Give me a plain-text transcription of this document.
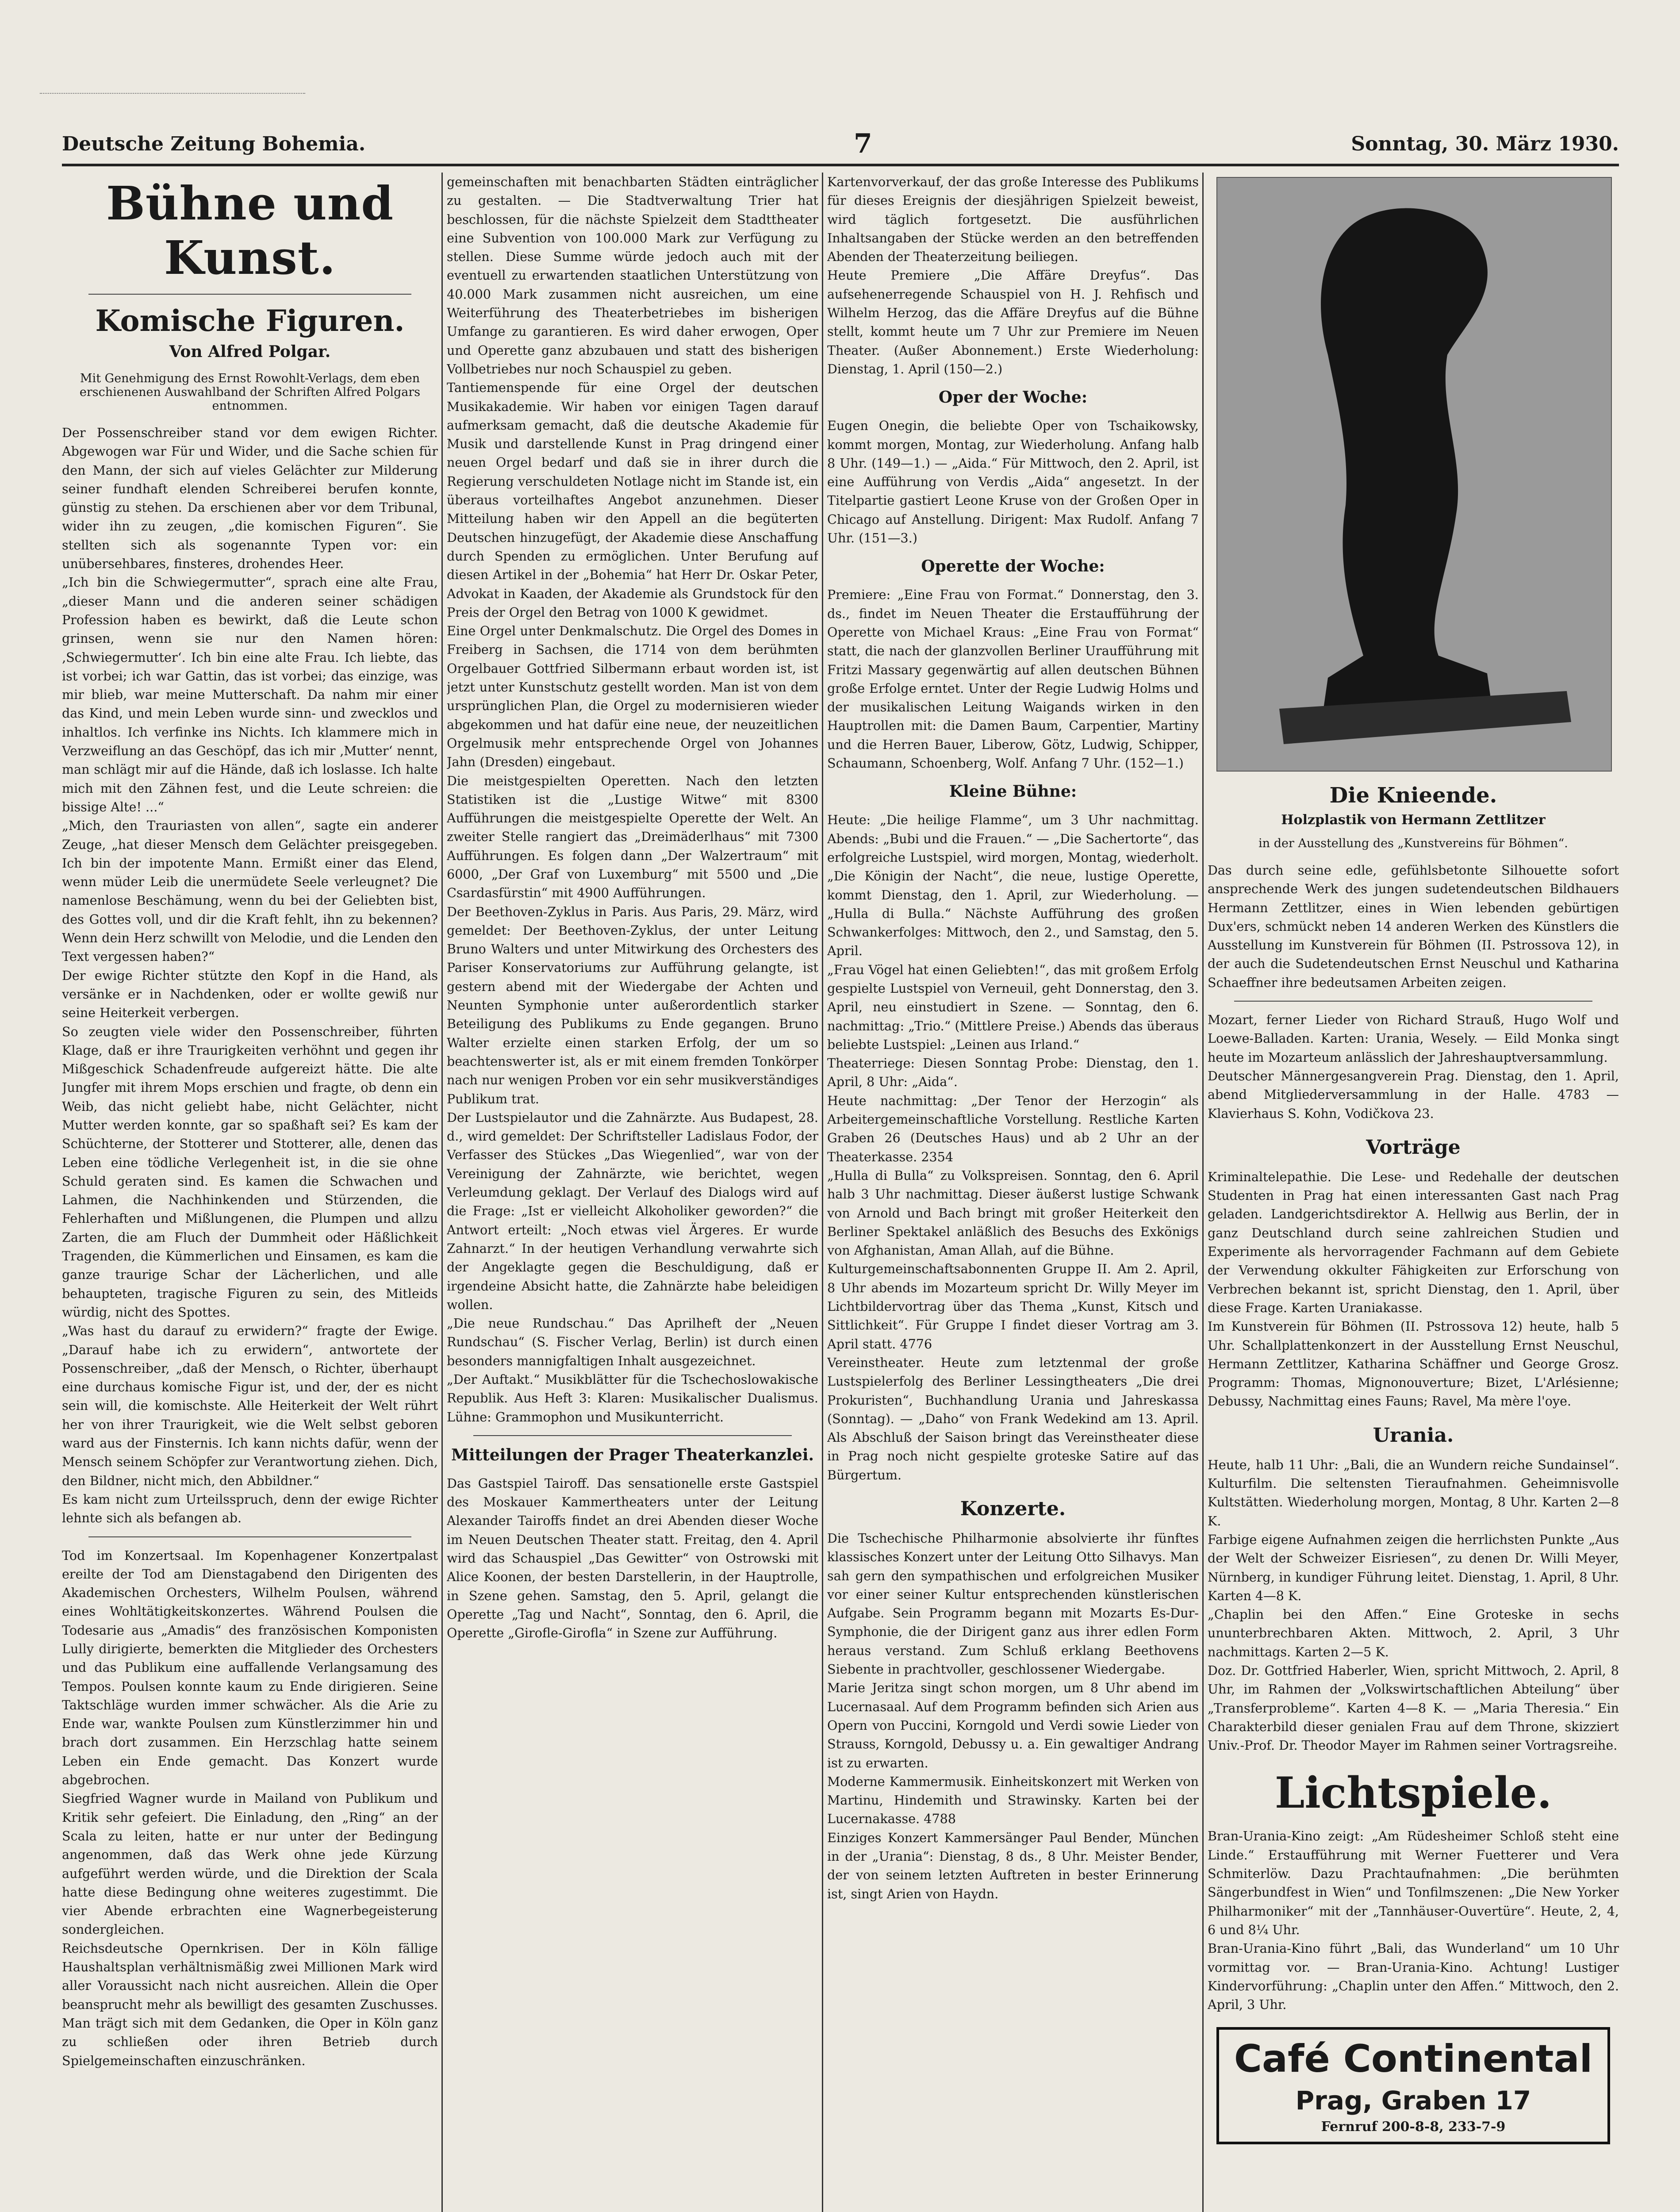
Deutsche Zeitung Bohemia.	7	Sonntag, 30. März 1930.
Bühne und Kunst.
Komische Figuren.
Von Alfred Polgar.
Mit Genehmigung des Ernst Rowohlt-Verlags, dem eben erschienenen Auswahlband der Schriften Alfred Polgars entnommen.

Der Possenschreiber stand vor dem ewigen Richter. Abgewogen war Für und Wider, und die Sache schien für den Mann, der sich auf vieles Gelächter zur Milderung seiner fundhaft elenden Schreiberei berufen konnte, günstig zu stehen. Da erschienen aber vor dem Tribunal, wider ihn zu zeugen, „die komischen Figuren“. Sie stellten sich als sogenannte Typen vor: ein unübersehbares, finsteres, drohendes Heer.

„Ich bin die Schwiegermutter“, sprach eine alte Frau, „dieser Mann und die anderen seiner schädigen Profession haben es bewirkt, daß die Leute schon grinsen, wenn sie nur den Namen hören: ‚Schwiegermutter‘. Ich bin eine alte Frau. Ich liebte, das ist vorbei; ich war Gattin, das ist vorbei; das einzige, was mir blieb, war meine Mutterschaft. Da nahm mir einer das Kind, und mein Leben wurde sinn- und zwecklos und inhaltlos. Ich verfinke ins Nichts. Ich klammere mich in Verzweiflung an das Geschöpf, das ich mir ‚Mutter‘ nennt, man schlägt mir auf die Hände, daß ich loslasse. Ich halte mich mit den Zähnen fest, und die Leute schreien: die bissige Alte! ...“

„Mich, den Trauriasten von allen“, sagte ein anderer Zeuge, „hat dieser Mensch dem Gelächter preisgegeben. Ich bin der impotente Mann. Ermißt einer das Elend, wenn müder Leib die unermüdete Seele verleugnet? Die namenlose Beschämung, wenn du bei der Geliebten bist, des Gottes voll, und dir die Kraft fehlt, ihn zu bekennen? Wenn dein Herz schwillt von Melodie, und die Lenden den Text vergessen haben?“

Der ewige Richter stützte den Kopf in die Hand, als versänke er in Nachdenken, oder er wollte gewiß nur seine Heiterkeit verbergen.

So zeugten viele wider den Possenschreiber, führten Klage, daß er ihre Traurigkeiten verhöhnt und gegen ihr Mißgeschick Schadenfreude aufgereizt hätte. Die alte Jungfer mit ihrem Mops erschien und fragte, ob denn ein Weib, das nicht geliebt habe, nicht Gelächter, nicht Mutter werden konnte, gar so spaßhaft sei? Es kam der Schüchterne, der Stotterer und Stotterer, alle, denen das Leben eine tödliche Verlegenheit ist, in die sie ohne Schuld geraten sind. Es kamen die Schwachen und Lahmen, die Nachhinkenden und Stürzenden, die Fehlerhaften und Mißlungenen, die Plumpen und allzu Zarten, die am Fluch der Dummheit oder Häßlichkeit Tragenden, die Kümmerlichen und Einsamen, es kam die ganze traurige Schar der Lächerlichen, und alle behaupteten, tragische Figuren zu sein, des Mitleids würdig, nicht des Spottes.

„Was hast du darauf zu erwidern?“ fragte der Ewige. „Darauf habe ich zu erwidern“, antwortete der Possenschreiber, „daß der Mensch, o Richter, überhaupt eine durchaus komische Figur ist, und der, der es nicht sein will, die komischste. Alle Heiterkeit der Welt rührt her von ihrer Traurigkeit, wie die Welt selbst geboren ward aus der Finsternis. Ich kann nichts dafür, wenn der Mensch seinem Schöpfer zur Verantwortung ziehen. Dich, den Bildner, nicht mich, den Abbildner.“

Es kam nicht zum Urteilsspruch, denn der ewige Richter lehnte sich als befangen ab.

Tod im Konzertsaal. Im Kopenhagener Konzertpalast ereilte der Tod am Dienstagabend den Dirigenten des Akademischen Orchesters, Wilhelm Poulsen, während eines Wohltätigkeitskonzertes. Während Poulsen die Todesarie aus „Amadis“ des französischen Komponisten Lully dirigierte, bemerkten die Mitglieder des Orchesters und das Publikum eine auffallende Verlangsamung des Tempos. Poulsen konnte kaum zu Ende dirigieren. Seine Taktschläge wurden immer schwächer. Als die Arie zu Ende war, wankte Poulsen zum Künstlerzimmer hin und brach dort zusammen. Ein Herzschlag hatte seinem Leben ein Ende gemacht. Das Konzert wurde abgebrochen.

Siegfried Wagner wurde in Mailand von Publikum und Kritik sehr gefeiert. Die Einladung, den „Ring“ an der Scala zu leiten, hatte er nur unter der Bedingung angenommen, daß das Werk ohne jede Kürzung aufgeführt werden würde, und die Direktion der Scala hatte diese Bedingung ohne weiteres zugestimmt. Die vier Abende erbrachten eine Wagnerbegeisterung sondergleichen.

Reichsdeutsche Opernkrisen. Der in Köln fällige Haushaltsplan verhältnismäßig zwei Millionen Mark wird aller Voraussicht nach nicht ausreichen. Allein die Oper beansprucht mehr als bewilligt des gesamten Zuschusses. Man trägt sich mit dem Gedanken, die Oper in Köln ganz zu schließen oder ihren Betrieb durch Spielgemeinschaften einzuschränken.

gemeinschaften mit benachbarten Städten einträglicher zu gestalten. — Die Stadtverwaltung Trier hat beschlossen, für die nächste Spielzeit dem Stadttheater eine Subvention von 100.000 Mark zur Verfügung zu stellen. Diese Summe würde jedoch auch mit der eventuell zu erwartenden staatlichen Unterstützung von 40.000 Mark zusammen nicht ausreichen, um eine Weiterführung des Theaterbetriebes im bisherigen Umfange zu garantieren. Es wird daher erwogen, Oper und Operette ganz abzubauen und statt des bisherigen Vollbetriebes nur noch Schauspiel zu geben.

Tantiemenspende für eine Orgel der deutschen Musikakademie. Wir haben vor einigen Tagen darauf aufmerksam gemacht, daß die deutsche Akademie für Musik und darstellende Kunst in Prag dringend einer neuen Orgel bedarf und daß sie in ihrer durch die Regierung verschuldeten Notlage nicht im Stande ist, ein überaus vorteilhaftes Angebot anzunehmen. Dieser Mitteilung haben wir den Appell an die begüterten Deutschen hinzugefügt, der Akademie diese Anschaffung durch Spenden zu ermöglichen. Unter Berufung auf diesen Artikel in der „Bohemia“ hat Herr Dr. Oskar Peter, Advokat in Kaaden, der Akademie als Grundstock für den Preis der Orgel den Betrag von 1000 K gewidmet.

Eine Orgel unter Denkmalschutz. Die Orgel des Domes in Freiberg in Sachsen, die 1714 von dem berühmten Orgelbauer Gottfried Silbermann erbaut worden ist, ist jetzt unter Kunstschutz gestellt worden. Man ist von dem ursprünglichen Plan, die Orgel zu modernisieren wieder abgekommen und hat dafür eine neue, der neuzeitlichen Orgelmusik mehr entsprechende Orgel von Johannes Jahn (Dresden) eingebaut.

Die meistgespielten Operetten. Nach den letzten Statistiken ist die „Lustige Witwe“ mit 8300 Aufführungen die meistgespielte Operette der Welt. An zweiter Stelle rangiert das „Dreimäderlhaus“ mit 7300 Aufführungen. Es folgen dann „Der Walzertraum“ mit 6000, „Der Graf von Luxemburg“ mit 5500 und „Die Csardasfürstin“ mit 4900 Aufführungen.

Der Beethoven-Zyklus in Paris. Aus Paris, 29. März, wird gemeldet: Der Beethoven-Zyklus, der unter Leitung Bruno Walters und unter Mitwirkung des Orchesters des Pariser Konservatoriums zur Aufführung gelangte, ist gestern abend mit der Wiedergabe der Achten und Neunten Symphonie unter außerordentlich starker Beteiligung des Publikums zu Ende gegangen. Bruno Walter erzielte einen starken Erfolg, der um so beachtenswerter ist, als er mit einem fremden Tonkörper nach nur wenigen Proben vor ein sehr musikverständiges Publikum trat.

Der Lustspielautor und die Zahnärzte. Aus Budapest, 28. d., wird gemeldet: Der Schriftsteller Ladislaus Fodor, der Verfasser des Stückes „Das Wiegenlied“, war von der Vereinigung der Zahnärzte, wie berichtet, wegen Verleumdung geklagt. Der Verlauf des Dialogs wird auf die Frage: „Ist er vielleicht Alkoholiker geworden?“ die Antwort erteilt: „Noch etwas viel Ärgeres. Er wurde Zahnarzt.“ In der heutigen Verhandlung verwahrte sich der Angeklagte gegen die Beschuldigung, daß er irgendeine Absicht hatte, die Zahnärzte habe beleidigen wollen.

„Die neue Rundschau.“ Das Aprilheft der „Neuen Rundschau“ (S. Fischer Verlag, Berlin) ist durch einen besonders mannigfaltigen Inhalt ausgezeichnet.

„Der Auftakt.“ Musikblätter für die Tschechoslowakische Republik. Aus Heft 3: Klaren: Musikalischer Dualismus. Lühne: Grammophon und Musikunterricht.

Mitteilungen der Prager Theaterkanzlei.

Das Gastspiel Tairoff. Das sensationelle erste Gastspiel des Moskauer Kammertheaters unter der Leitung Alexander Tairoffs findet an drei Abenden dieser Woche im Neuen Deutschen Theater statt. Freitag, den 4. April wird das Schauspiel „Das Gewitter“ von Ostrowski mit Alice Koonen, der besten Darstellerin, in der Hauptrolle, in Szene gehen. Samstag, den 5. April, gelangt die Operette „Tag und Nacht“, Sonntag, den 6. April, die Operette „Girofle-Girofla“ in Szene zur Aufführung.

Kartenvorverkauf, der das große Interesse des Publikums für dieses Ereignis der diesjährigen Spielzeit beweist, wird täglich fortgesetzt. Die ausführlichen Inhaltsangaben der Stücke werden an den betreffenden Abenden der Theaterzeitung beiliegen.

Heute Premiere „Die Affäre Dreyfus“. Das aufsehenerregende Schauspiel von H. J. Rehfisch und Wilhelm Herzog, das die Affäre Dreyfus auf die Bühne stellt, kommt heute um 7 Uhr zur Premiere im Neuen Theater. (Außer Abonnement.) Erste Wiederholung: Dienstag, 1. April (150—2.)

Oper der Woche:

Eugen Onegin, die beliebte Oper von Tschaikowsky, kommt morgen, Montag, zur Wiederholung. Anfang halb 8 Uhr. (149—1.) — „Aida.“ Für Mittwoch, den 2. April, ist eine Aufführung von Verdis „Aida“ angesetzt. In der Titelpartie gastiert Leone Kruse von der Großen Oper in Chicago auf Anstellung. Dirigent: Max Rudolf. Anfang 7 Uhr. (151—3.)

Operette der Woche:

Premiere: „Eine Frau von Format.“ Donnerstag, den 3. ds., findet im Neuen Theater die Erstaufführung der Operette von Michael Kraus: „Eine Frau von Format“ statt, die nach der glanzvollen Berliner Uraufführung mit Fritzi Massary gegenwärtig auf allen deutschen Bühnen große Erfolge erntet. Unter der Regie Ludwig Holms und der musikalischen Leitung Waigands wirken in den Hauptrollen mit: die Damen Baum, Carpentier, Martiny und die Herren Bauer, Liberow, Götz, Ludwig, Schipper, Schaumann, Schoenberg, Wolf. Anfang 7 Uhr. (152—1.)

Kleine Bühne:

Heute: „Die heilige Flamme“, um 3 Uhr nachmittag. Abends: „Bubi und die Frauen.“ — „Die Sachertorte“, das erfolgreiche Lustspiel, wird morgen, Montag, wiederholt. „Die Königin der Nacht“, die neue, lustige Operette, kommt Dienstag, den 1. April, zur Wiederholung. — „Hulla di Bulla.“ Nächste Aufführung des großen Schwankerfolges: Mittwoch, den 2., und Samstag, den 5. April.

„Frau Vögel hat einen Geliebten!“, das mit großem Erfolg gespielte Lustspiel von Verneuil, geht Donnerstag, den 3. April, neu einstudiert in Szene. — Sonntag, den 6. nachmittag: „Trio.“ (Mittlere Preise.) Abends das überaus beliebte Lustspiel: „Leinen aus Irland.“

Theaterriege: Diesen Sonntag Probe: Dienstag, den 1. April, 8 Uhr: „Aida“.

Heute nachmittag: „Der Tenor der Herzogin“ als Arbeitergemeinschaftliche Vorstellung. Restliche Karten Graben 26 (Deutsches Haus) und ab 2 Uhr an der Theaterkasse. 2354

„Hulla di Bulla“ zu Volkspreisen. Sonntag, den 6. April halb 3 Uhr nachmittag. Dieser äußerst lustige Schwank von Arnold und Bach bringt mit großer Heiterkeit den Berliner Spektakel anläßlich des Besuchs des Exkönigs von Afghanistan, Aman Allah, auf die Bühne.

Kulturgemeinschaftsabonnenten Gruppe II. Am 2. April, 8 Uhr abends im Mozarteum spricht Dr. Willy Meyer im Lichtbildervortrag über das Thema „Kunst, Kitsch und Sittlichkeit“. Für Gruppe I findet dieser Vortrag am 3. April statt. 4776

Vereinstheater. Heute zum letztenmal der große Lustspielerfolg des Berliner Lessingtheaters „Die drei Prokuristen“, Buchhandlung Urania und Jahreskassa (Sonntag). — „Daho“ von Frank Wedekind am 13. April. Als Abschluß der Saison bringt das Vereinstheater diese in Prag noch nicht gespielte groteske Satire auf das Bürgertum.

Konzerte.

Die Tschechische Philharmonie absolvierte ihr fünftes klassisches Konzert unter der Leitung Otto Silhavys. Man sah gern den sympathischen und erfolgreichen Musiker vor einer seiner Kultur entsprechenden künstlerischen Aufgabe. Sein Programm begann mit Mozarts Es-Dur-Symphonie, die der Dirigent ganz aus ihrer edlen Form heraus verstand. Zum Schluß erklang Beethovens Siebente in prachtvoller, geschlossener Wiedergabe.

Marie Jeritza singt schon morgen, um 8 Uhr abend im Lucernasaal. Auf dem Programm befinden sich Arien aus Opern von Puccini, Korngold und Verdi sowie Lieder von Strauss, Korngold, Debussy u. a. Ein gewaltiger Andrang ist zu erwarten.

Moderne Kammermusik. Einheitskonzert mit Werken von Martinu, Hindemith und Strawinsky. Karten bei der Lucernakasse. 4788

Einziges Konzert Kammersänger Paul Bender, München in der „Urania“: Dienstag, 8 ds., 8 Uhr. Meister Bender, der von seinem letzten Auftreten in bester Erinnerung ist, singt Arien von Haydn.

Die Knieende.
Holzplastik von Hermann Zettlitzer
in der Ausstellung des „Kunstvereins für Böhmen“.

Das durch seine edle, gefühlsbetonte Silhouette sofort ansprechende Werk des jungen sudetendeutschen Bildhauers Hermann Zettlitzer, eines in Wien lebenden gebürtigen Dux'ers, schmückt neben 14 anderen Werken des Künstlers die Ausstellung im Kunstverein für Böhmen (II. Pstrossova 12), in der auch die Sudetendeutschen Ernst Neuschul und Katharina Schaeffner ihre bedeutsamen Arbeiten zeigen.

Mozart, ferner Lieder von Richard Strauß, Hugo Wolf und Loewe-Balladen. Karten: Urania, Wesely. — Eild Monka singt heute im Mozarteum anlässlich der Jahreshauptversammlung.

Deutscher Männergesangverein Prag. Dienstag, den 1. April, abend Mitgliederversammlung in der Halle. 4783 — Klavierhaus S. Kohn, Vodičkova 23.

Vorträge

Kriminaltelepathie. Die Lese- und Redehalle der deutschen Studenten in Prag hat einen interessanten Gast nach Prag geladen. Landgerichtsdirektor A. Hellwig aus Berlin, der in ganz Deutschland durch seine zahlreichen Studien und Experimente als hervorragender Fachmann auf dem Gebiete der Verwendung okkulter Fähigkeiten zur Erforschung von Verbrechen bekannt ist, spricht Dienstag, den 1. April, über diese Frage. Karten Uraniakasse.

Im Kunstverein für Böhmen (II. Pstrossova 12) heute, halb 5 Uhr. Schallplattenkonzert in der Ausstellung Ernst Neuschul, Hermann Zettlitzer, Katharina Schäffner und George Grosz. Programm: Thomas, Mignonouverture; Bizet, L'Arlésienne; Debussy, Nachmittag eines Fauns; Ravel, Ma mère l'oye.

Urania.

Heute, halb 11 Uhr: „Bali, die an Wundern reiche Sundainsel“. Kulturfilm. Die seltensten Tieraufnahmen. Geheimnisvolle Kultstätten. Wiederholung morgen, Montag, 8 Uhr. Karten 2—8 K.

Farbige eigene Aufnahmen zeigen die herrlichsten Punkte „Aus der Welt der Schweizer Eisriesen“, zu denen Dr. Willi Meyer, Nürnberg, in kundiger Führung leitet. Dienstag, 1. April, 8 Uhr. Karten 4—8 K.

„Chaplin bei den Affen.“ Eine Groteske in sechs ununterbrechbaren Akten. Mittwoch, 2. April, 3 Uhr nachmittags. Karten 2—5 K.

Doz. Dr. Gottfried Haberler, Wien, spricht Mittwoch, 2. April, 8 Uhr, im Rahmen der „Volkswirtschaftlichen Abteilung“ über „Transferprobleme“. Karten 4—8 K. — „Maria Theresia.“ Ein Charakterbild dieser genialen Frau auf dem Throne, skizziert Univ.-Prof. Dr. Theodor Mayer im Rahmen seiner Vortragsreihe.

Lichtspiele.

Bran-Urania-Kino zeigt: „Am Rüdesheimer Schloß steht eine Linde.“ Erstaufführung mit Werner Fuetterer und Vera Schmiterlöw. Dazu Prachtaufnahmen: „Die berühmten Sängerbundfest in Wien“ und Tonfilmszenen: „Die New Yorker Philharmoniker“ mit der „Tannhäuser-Ouvertüre“. Heute, 2, 4, 6 und 8¼ Uhr.

Bran-Urania-Kino führt „Bali, das Wunderland“ um 10 Uhr vormittag vor. — Bran-Urania-Kino. Achtung! Lustiger Kindervorführung: „Chaplin unter den Affen.“ Mittwoch, den 2. April, 3 Uhr.

Café Continental
Prag, Graben 17
Fernruf 200-8-8, 233-7-9
